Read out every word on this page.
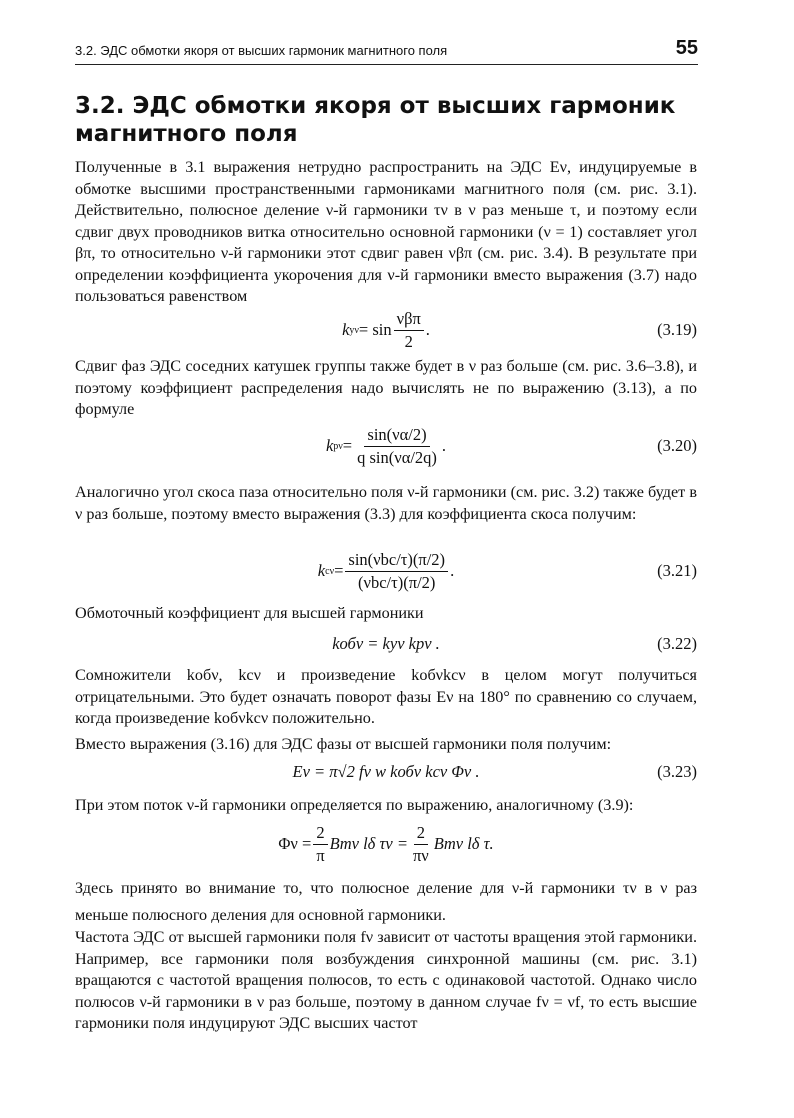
3.2. ЭДС обмотки якоря от высших гармоник магнитного поля	55
3.2. ЭДС обмотки якоря от высших гармоник
магнитного поля
Полученные в 3.1 выражения нетрудно распространить на ЭДС Eν, индуцируемые в обмотке высшими пространственными гармониками магнитного поля (см. рис. 3.1). Действительно, полюсное деление ν-й гармоники τν в ν раз меньше τ, и поэтому если сдвиг двух проводников витка относительно основной гармоники (ν = 1) составляет угол βπ, то относительно ν-й гармоники этот сдвиг равен νβπ (см. рис. 3.4). В результате при определении коэффициента укорочения для ν-й гармоники вместо выражения (3.7) надо пользоваться равенством
k $y\nu = \sin \frac{\text{νβπ}}{2}$ .	(3.19)
Сдвиг фаз ЭДС соседних катушек группы также будет в ν раз больше (см. рис. 3.6–3.8), и поэтому коэффициент распределения надо вычислять не по выражению (3.13), а по формуле
k $p\nu = \frac{\sin(\nu\alpha/2)}{\text{q sin(να/2q)}}$ .	(3.20)
Аналогично угол скоса паза относительно поля ν-й гармоники (см. рис. 3.2) также будет в ν раз больше, поэтому вместо выражения (3.3) для коэффициента скоса получим:
k $c\nu = \frac{\text{sin(νbc/τ)(π/2)}}{\text{(νbc/τ)(π/2)}}$ .	(3.21)
Обмоточный коэффициент для высшей гармоники
kобν = kyν kpν .	(3.22)
Сомножители kобν, kcν и произведение kобνkcν в целом могут получиться отрицательными. Это будет означать поворот фазы Eν на 180° по сравнению со случаем, когда произведение kобνkcν положительно.
Вместо выражения (3.16) для ЭДС фазы от высшей гармоники поля получим:
Eν = π√2 fν w kобν kcν Φν .	(3.23)
При этом поток ν-й гармоники определяется по выражению, аналогичному (3.9):
$\Phi\nu = \frac{2}{\pi}$ Bmν lδ $\tau\nu = \frac{2}{\pi\nu}$ Bmν lδ τ.
Здесь принято во внимание то, что полюсное деление для ν-й гармоники τν в ν раз меньше полюсного деления для основной гармоники.
Частота ЭДС от высшей гармоники поля fν зависит от частоты вращения этой гармоники. Например, все гармоники поля возбуждения синхронной машины (см. рис. 3.1) вращаются с частотой вращения полюсов, то есть с одинаковой частотой. Однако число полюсов ν-й гармоники в ν раз больше, поэтому в данном случае fν = νf, то есть высшие гармоники поля индуцируют ЭДС высших частот
